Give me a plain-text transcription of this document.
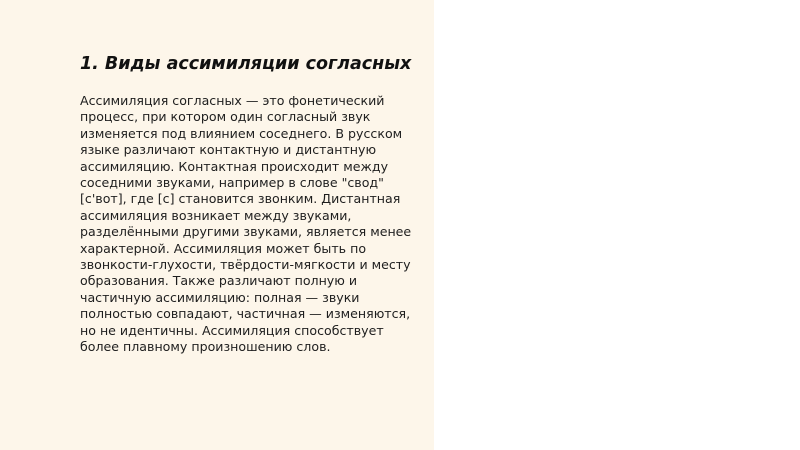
1. Виды ассимиляции согласных
Ассимиляция согласных — это фонетический
процесс, при котором один согласный звук
изменяется под влиянием соседнего. В русском
языке различают контактную и дистантную
ассимиляцию. Контактная происходит между
соседними звуками, например в слове "свод"
[с'вот], где [с] становится звонким. Дистантная
ассимиляция возникает между звуками,
разделёнными другими звуками, является менее
характерной. Ассимиляция может быть по
звонкости-глухости, твёрдости-мягкости и месту
образования. Также различают полную и
частичную ассимиляцию: полная — звуки
полностью совпадают, частичная — изменяются,
но не идентичны. Ассимиляция способствует
более плавному произношению слов.
